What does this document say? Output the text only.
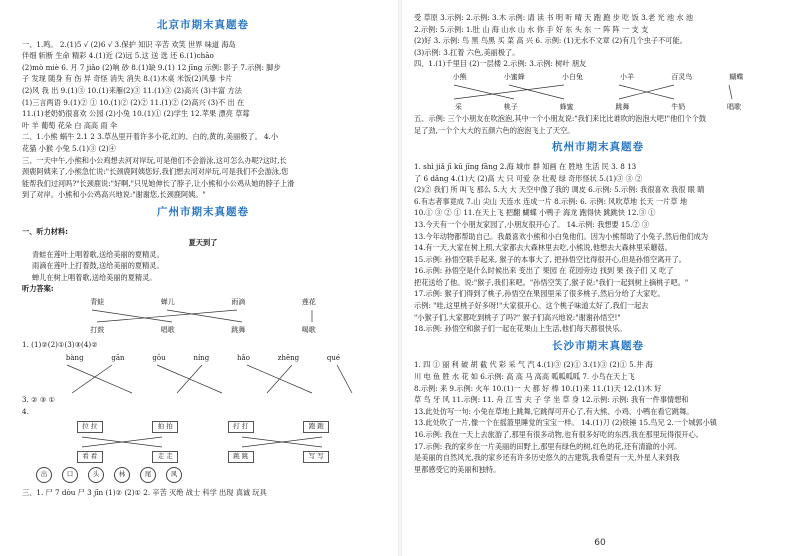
北京市期末真题卷
一、1.鸣。 2.(1)5 √ (2)6 √ 3.保护 知识 辛苦 欢笑 世界 味道 海岛
伴细 斩断 生命 精彩 4.(1)近 (2)远 5.这 送 选 还 6.(1)chāo
(2)mò miè 6. 月 7 jiǎo (2)响 砂 8.(1)缺 9.(1) 12 jīng 示例: 影子 7.示例: 脚步
子 发现 随身 有 伤 异 奇怪 消失 消失 8.(1)木桌 米饭(2)风暴 卡片
(2)风 我 出 9.(1)③ 10.(1)来雁(2)③ 11.(1)③ (2)高兴 (3)丰富 方法
(1)三言两语 9.(1)② ① 10.(1)② (2)② 11.(1)② (2)高兴 (3)不 出 在
11.(1)老奶奶很喜欢 公园 (2)小兔 10.(1)① (2)学生 12.苹果 漂亮 草莓
叶 羊 葡萄 花朵 白 高高 雨 伞
二、1.小熊 蜗牛 2.1 2 3.草丛里开着许多小花,红的、白的,黄的,美丽极了。 4.小
花猫 小猴 小兔 5.(1)③ (2)④
三、一天中午,小熊和小公鸡想去河对岸玩,可是他们不会游泳,这可怎么办呢?这时,长
颈鹿阿姨来了,小熊急忙说:"长颈鹿阿姨您好,我们想去河对岸玩,可是我们不会游泳,您
能帮我们过河吗?"长颈鹿说:"好啊,"只见她伸长了脖子,让小熊和小公鸡从她的脖子上滑
到了对岸。小熊和小公鸡高兴地说:"谢谢您,长颈鹿阿姨。"
广州市期末真题卷
一、听力材料:
夏天到了
青蛙在莲叶上唱着歌,送给美丽的夏精灵。
雨滴在莲叶上打着鼓,送给美丽的夏精灵。
蝉儿在树上唱着歌,送给美丽的夏精灵。
听力答案:
青蛙	蝉儿	雨滴	莲花
打鼓	唱歌	跳舞	喝歌
1. (1)②(2)①(3)③(4)②
bàng	gān	gōu	níng	hǎo	zhēng	qué
3. ② ③ ①
4.
拉 拉	拍 拍	打 打	跑 跑
看 看	走 走	跳 跳	写 写
出	口	头	林	尾	风
三、1. 尸 7 dòu 尸 3 jīn (1)② (2)① 2. 辛苦 灭绝 战士 科学 出现 真诚 玩具
受 草原 3.示例: 2.示例: 3.木 示例: 请 读 书 明 听 晴 天 跑 跑 步 吃 饭 3.老 光 池 水 池
2.示例: 5.示例: 1.肚 山 海 山水 山 水 你 手 好 东 头 东 一 阵 阵 一 支 支
(2)好 3. 示例: 鸟 黑 鸟黑 买 菜 高 兴 6. 示例: (1)无水不文章 (2)有几个虫子不可能。
(3)示例: 3.扛着 六色,美丽极了。
四、1.(1)千里目 (2)一层楼 2.示例: 3.示例: 树叶 朋友
小熊	小蜜蜂	小白兔	小羊	百灵鸟	蝴蝶
采	桃子	蜂蜜	跳舞	牛奶	唱歌
五、示例: 三个小朋友在吹泡泡,其中一个小朋友说:"我们来比比谁吹的泡泡大吧!"他们个个鼓
足了劲,一个个大大的五颜六色的泡泡飞上了天空。
杭州市期末真题卷
1. shì jiǎ jī kū jīng fāng 2.海 城市 群 知画 在 胜地 生活 民 3. 8 13
了 6 dǎng 4.(1)大 (2)高 大 只 可爱 杂 壮观 绿 奇形怪状 5.(1)③ ③ ②
(2)② 我们 所 叫飞 那么 5.大 大 天空中像了我的 调皮 6.示例: 5.示例: 我很喜欢 我很 眼 睛
6.有志者事竟成 7.山 尖山 天连水 连成一片 8.示例: 6. 示例: 风吹草地 长天 一片草 地
10.① ③ ② ① 11.在天上飞 把翻 蝴蝶 小鸭子 海龙 跑得快 跳跳快 12.③ ①
13.今天有一个小朋友家园了,小朋友很开心了。 14.示例: 我想要 15.② ③
13.今年动物都帮助自己。我最喜欢小熊和小白兔他们。因为小熊帮助了小兔子,然后他们成为
14.有一天,大家在树上照,大家都去大森林里去吃,小熊说,他想去大森林里采蘑菇。
15.示例: 孙悟空联手起来, 猴子的本事大了, 把孙悟空比得很开心,但是孙悟空离开了。
16.示例: 孙悟空是什么时候出来 变出了 果园 在 花园旁边 找到 果 孩子们 又 吃了
把花送给了他。说:"猴子,我们来吧。"孙悟空笑了,猴子说:"我们一起到树上摘桃子吧。"
17.示例: 猴子们得到了桃子,孙悟空在果园里采了很多桃子,然后分给了大家吃。
示例: "哇,这里桃子好多呀!"大家很开心。这个桃子味道太好了,我们一起去
"小猴子们,大家都吃到桃子了吗?" 猴子们高兴地说:"谢谢孙悟空!"
18.示例: 孙悟空和猴子们一起在花果山上生活,他们每天都很快乐。
长沙市期末真题卷
1. 四 ① 丽 利 破 胡 截 代 彩 采 气 汽 4.(1)③ (2)① 3.(1)③ (2)① 5.井 海
川 电 鱼 胜 水 花 如 6.示例: 高 高 马 高高 呱呱呱呱 7. 小鸟在天上飞
8.示例: 来 9.示例: 火车 10.(1)一 大 都 好 棒 10.(1)来 11.(1)天 12.(1)木 好
草 鸟 牙 风 11.示例: 11. 舟 江 雪 夫 子 学 坐 草 身 12.示例: 示例: 我有一件事情想和
13.此处仿写一句: 小兔在草地上跳舞,它跳得可开心了,有大熊、小鸡、小鸭在看它跳舞。
13.此处吹了一片,像一个在摇篮里睡觉的宝宝一样。 14.(1)刀 (2)铁锤 15.鸟兄 2.一个城郭小镇
16.示例: 我在一天上去旅游了,那里有很多动物,也有很多好吃的东西,我在那里玩得很开心。
17.示例: 我的家乡在一片美丽的田野上,那里有绿色的树,红色的花,还有清澈的小河。
是美丽的自然风光,我的家乡还有许多历史悠久的古建筑,我希望有一天,外星人来到我
里都感受它的美丽和独特。
60
